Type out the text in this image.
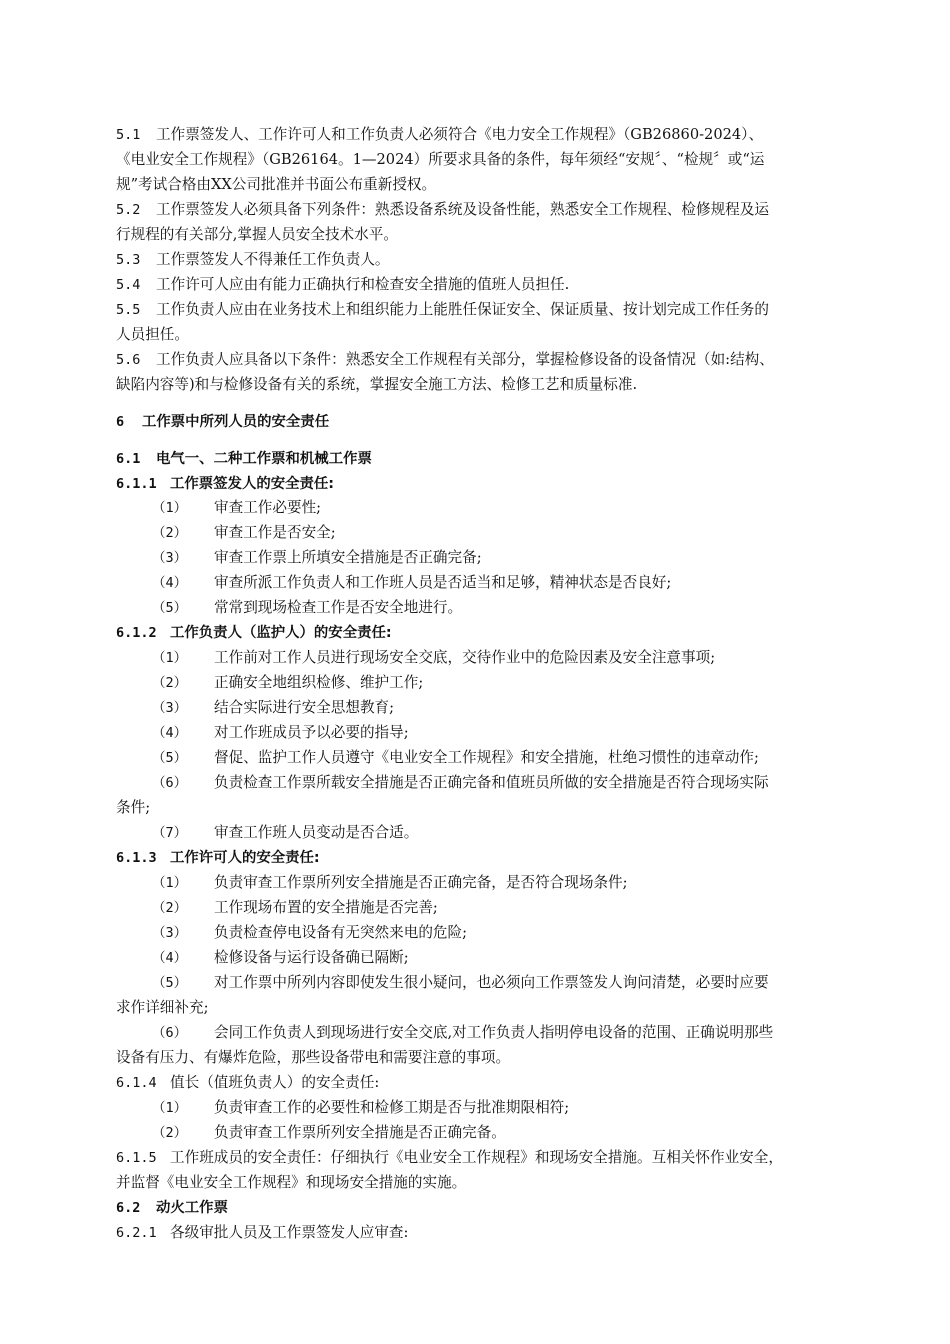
5.1 工作票签发人、工作许可人和工作负责人必须符合《电力安全工作规程》（GB26860-2024）、
《电业安全工作规程》（GB26164。1—2024）所要求具备的条件，每年须经“安规〞、“检规〞或“运
规”考试合格由XX公司批准并书面公布重新授权。
5.2 工作票签发人必须具备下列条件：熟悉设备系统及设备性能，熟悉安全工作规程、检修规程及运
行规程的有关部分,掌握人员安全技术水平。
5.3 工作票签发人不得兼任工作负责人。
5.4 工作许可人应由有能力正确执行和检查安全措施的值班人员担任.
5.5 工作负责人应由在业务技术上和组织能力上能胜任保证安全、保证质量、按计划完成工作任务的
人员担任。
5.6 工作负责人应具备以下条件：熟悉安全工作规程有关部分，掌握检修设备的设备情况（如:结构、
缺陷内容等)和与检修设备有关的系统，掌握安全施工方法、检修工艺和质量标准.
6 工作票中所列人员的安全责任
6.1 电气一、二种工作票和机械工作票
6.1.1 工作票签发人的安全责任:
（1） 审查工作必要性;
（2） 审查工作是否安全;
（3） 审查工作票上所填安全措施是否正确完备;
（4） 审查所派工作负责人和工作班人员是否适当和足够，精神状态是否良好;
（5） 常常到现场检查工作是否安全地进行。
6.1.2 工作负责人（监护人）的安全责任:
（1） 工作前对工作人员进行现场安全交底，交待作业中的危险因素及安全注意事项;
（2） 正确安全地组织检修、维护工作;
（3） 结合实际进行安全思想教育;
（4） 对工作班成员予以必要的指导;
（5） 督促、监护工作人员遵守《电业安全工作规程》和安全措施，杜绝习惯性的违章动作;
（6） 负责检查工作票所载安全措施是否正确完备和值班员所做的安全措施是否符合现场实际
条件;
（7） 审查工作班人员变动是否合适。
6.1.3 工作许可人的安全责任:
（1） 负责审查工作票所列安全措施是否正确完备，是否符合现场条件;
（2） 工作现场布置的安全措施是否完善;
（3） 负责检查停电设备有无突然来电的危险;
（4） 检修设备与运行设备确已隔断;
（5） 对工作票中所列内容即使发生很小疑问，也必须向工作票签发人询问清楚，必要时应要
求作详细补充;
（6） 会同工作负责人到现场进行安全交底,对工作负责人指明停电设备的范围、正确说明那些
设备有压力、有爆炸危险，那些设备带电和需要注意的事项。
6.1.4 值长（值班负责人）的安全责任:
（1） 负责审查工作的必要性和检修工期是否与批准期限相符;
（2） 负责审查工作票所列安全措施是否正确完备。
6.1.5 工作班成员的安全责任：仔细执行《电业安全工作规程》和现场安全措施。互相关怀作业安全，
并监督《电业安全工作规程》和现场安全措施的实施。
6.2 动火工作票
6.2.1 各级审批人员及工作票签发人应审查:
